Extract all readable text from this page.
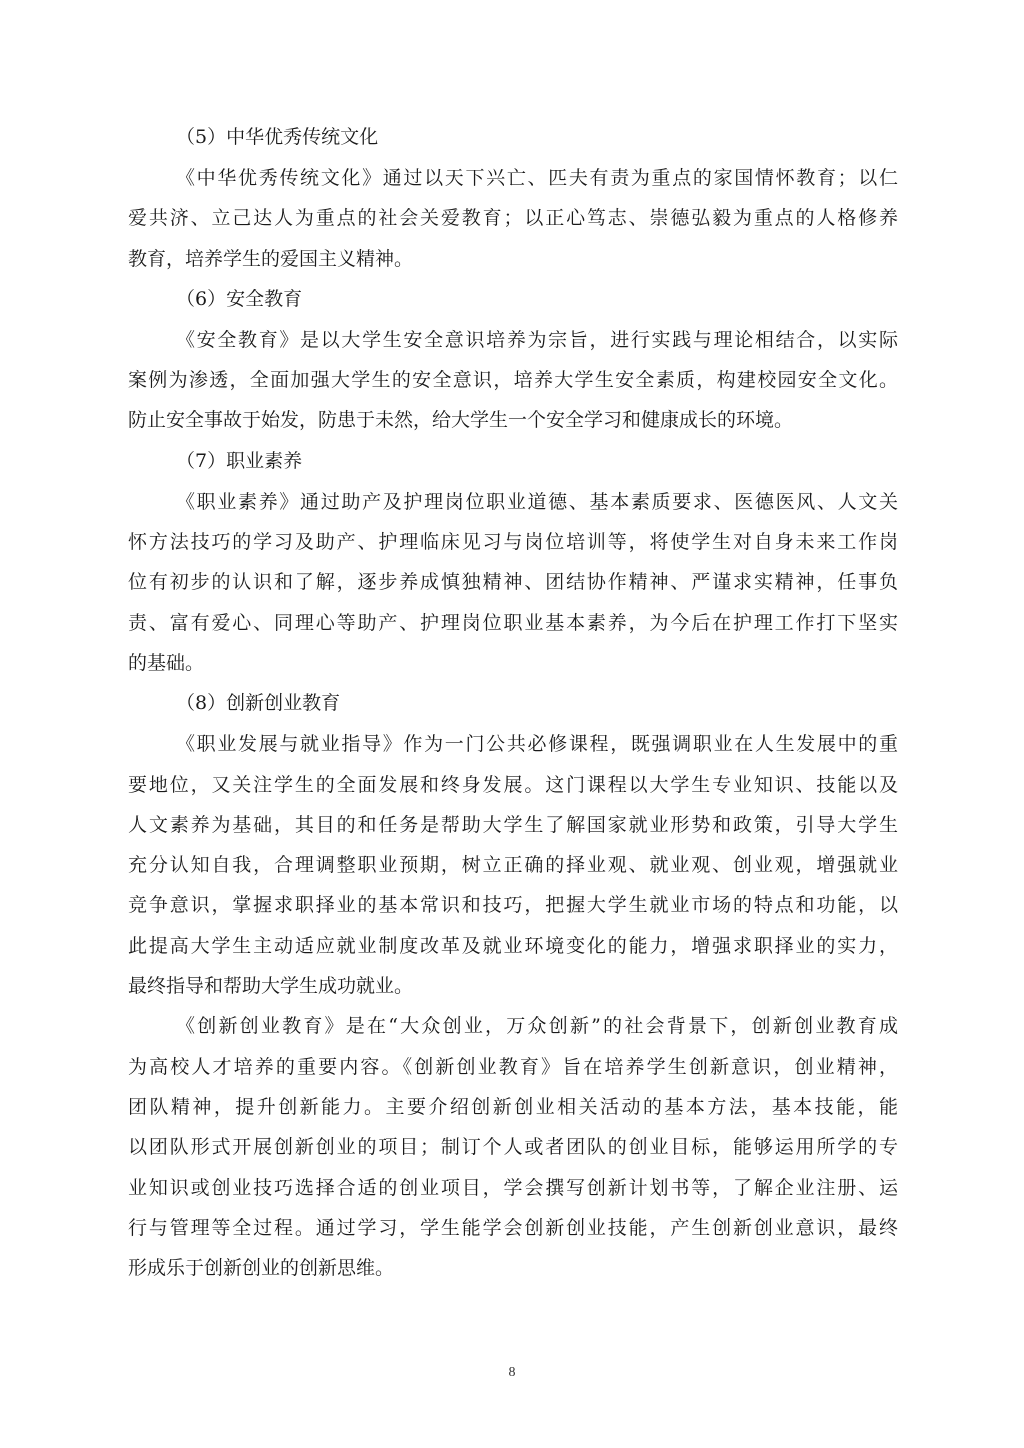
（5）中华优秀传统文化

《中华优秀传统文化》通过以天下兴亡、匹夫有责为重点的家国情怀教育；以仁
爱共济、立己达人为重点的社会关爱教育；以正心笃志、崇德弘毅为重点的人格修养
教育，培养学生的爱国主义精神。

（6）安全教育

《安全教育》是以大学生安全意识培养为宗旨，进行实践与理论相结合，以实际
案例为渗透，全面加强大学生的安全意识，培养大学生安全素质，构建校园安全文化。
防止安全事故于始发，防患于未然，给大学生一个安全学习和健康成长的环境。

（7）职业素养

《职业素养》通过助产及护理岗位职业道德、基本素质要求、医德医风、人文关
怀方法技巧的学习及助产、护理临床见习与岗位培训等，将使学生对自身未来工作岗
位有初步的认识和了解，逐步养成慎独精神、团结协作精神、严谨求实精神，任事负
责、富有爱心、同理心等助产、护理岗位职业基本素养，为今后在护理工作打下坚实
的基础。

（8）创新创业教育

《职业发展与就业指导》作为一门公共必修课程，既强调职业在人生发展中的重
要地位，又关注学生的全面发展和终身发展。这门课程以大学生专业知识、技能以及
人文素养为基础，其目的和任务是帮助大学生了解国家就业形势和政策，引导大学生
充分认知自我，合理调整职业预期，树立正确的择业观、就业观、创业观，增强就业
竞争意识，掌握求职择业的基本常识和技巧，把握大学生就业市场的特点和功能，以
此提高大学生主动适应就业制度改革及就业环境变化的能力，增强求职择业的实力，
最终指导和帮助大学生成功就业。

《创新创业教育》是在“大众创业，万众创新”的社会背景下，创新创业教育成
为高校人才培养的重要内容。《创新创业教育》旨在培养学生创新意识，创业精神，
团队精神，提升创新能力。主要介绍创新创业相关活动的基本方法，基本技能，能
以团队形式开展创新创业的项目；制订个人或者团队的创业目标，能够运用所学的专
业知识或创业技巧选择合适的创业项目，学会撰写创新计划书等，了解企业注册、运
行与管理等全过程。通过学习，学生能学会创新创业技能，产生创新创业意识，最终
形成乐于创新创业的创新思维。

8
